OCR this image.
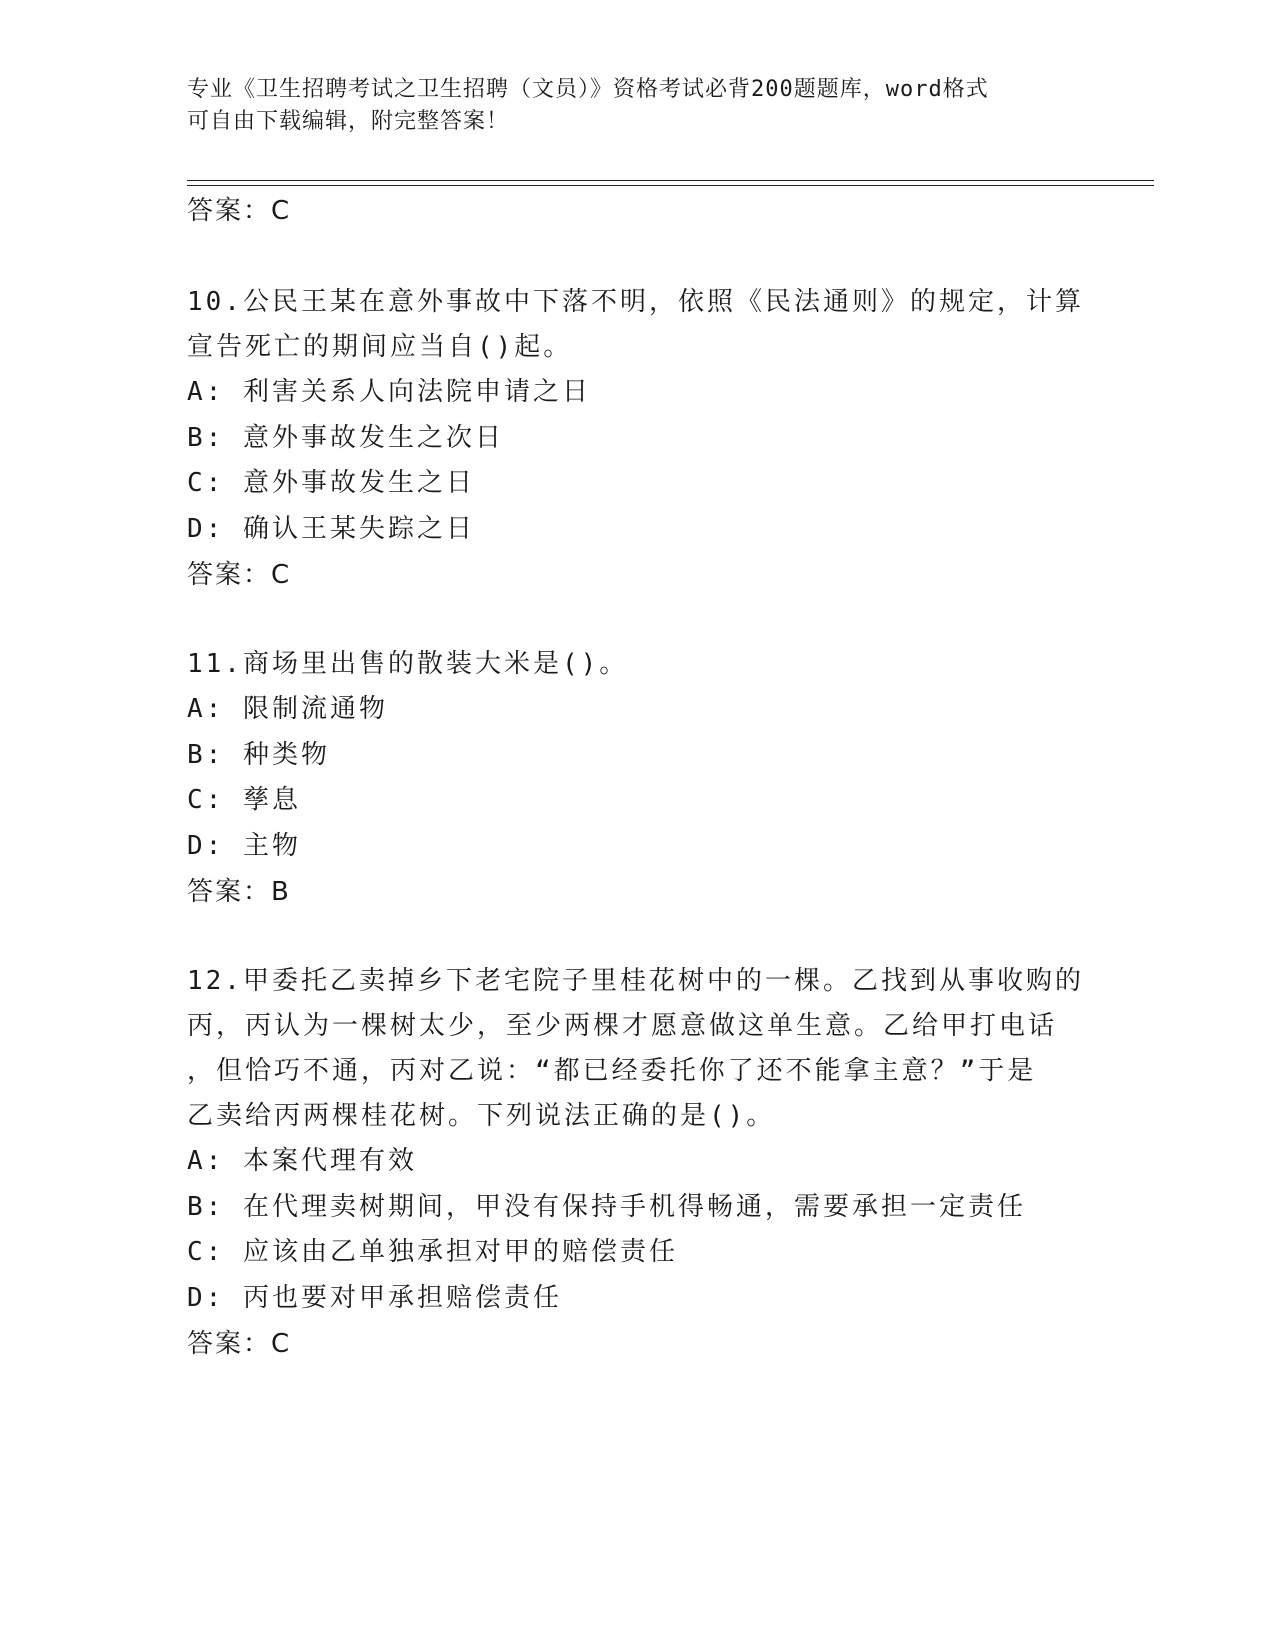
专业《卫生招聘考试之卫生招聘（文员）》资格考试必背200题题库，word格式
可自由下载编辑，附完整答案！
答案：C
10.公民王某在意外事故中下落不明，依照《民法通则》的规定，计算
宣告死亡的期间应当自()起。
A: 利害关系人向法院申请之日
B: 意外事故发生之次日
C: 意外事故发生之日
D: 确认王某失踪之日
答案：C
11.商场里出售的散装大米是()。
A: 限制流通物
B: 种类物
C: 孳息
D: 主物
答案：B
12.甲委托乙卖掉乡下老宅院子里桂花树中的一棵。乙找到从事收购的
丙，丙认为一棵树太少，至少两棵才愿意做这单生意。乙给甲打电话
，但恰巧不通，丙对乙说：“都已经委托你了还不能拿主意？”于是
乙卖给丙两棵桂花树。下列说法正确的是()。
A: 本案代理有效
B: 在代理卖树期间，甲没有保持手机得畅通，需要承担一定责任
C: 应该由乙单独承担对甲的赔偿责任
D: 丙也要对甲承担赔偿责任
答案：C
